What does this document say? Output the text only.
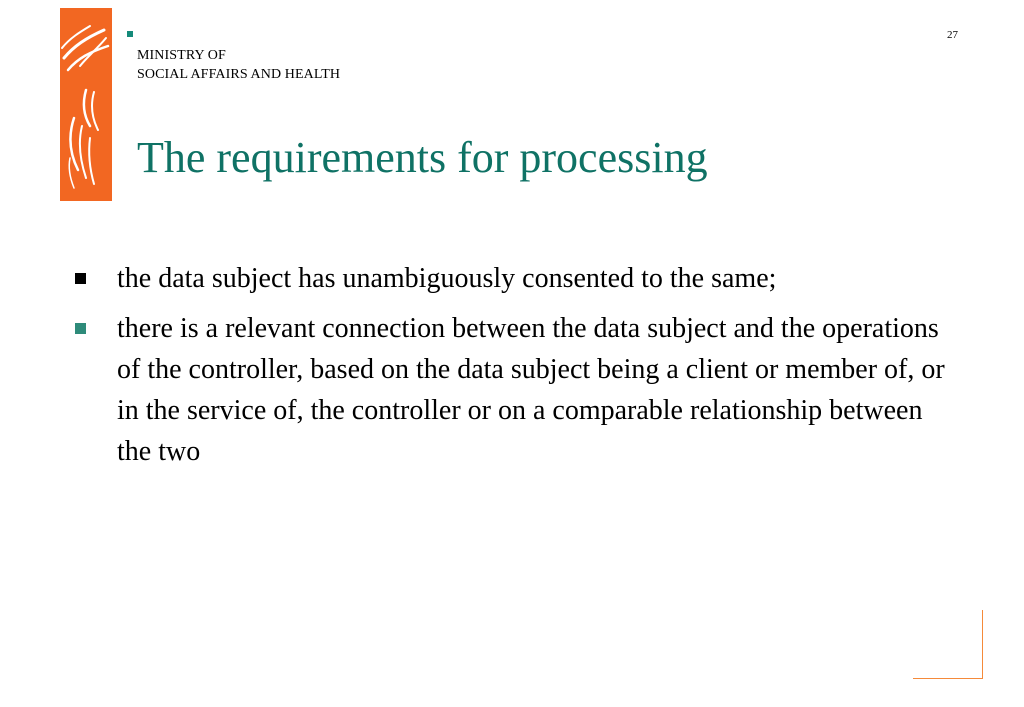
MINISTRY OF
SOCIAL AFFAIRS AND HEALTH
27
The requirements for processing
the data subject has unambiguously consented to the same;
there is a relevant connection between the data subject and the operations of the controller, based on the data subject being a client or member of, or in the service of, the controller or on a comparable relationship between the two
